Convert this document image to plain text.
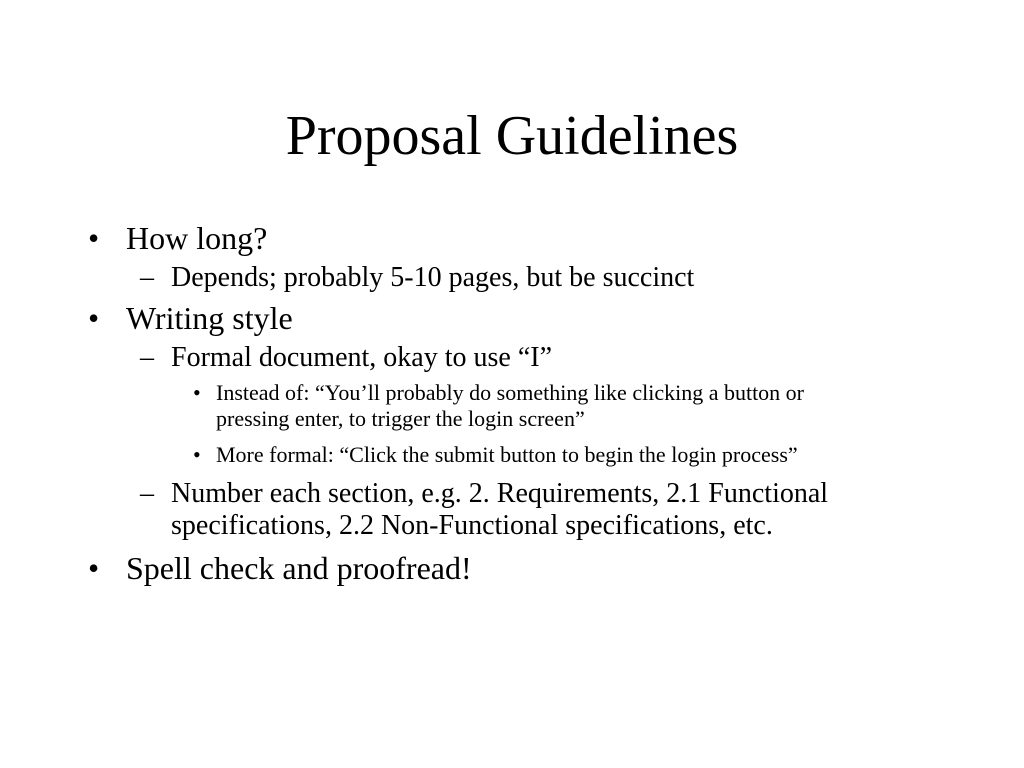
Proposal Guidelines
• How long?
– Depends; probably 5-10 pages, but be succinct
• Writing style
– Formal document, okay to use “I”
• Instead of: “You’ll probably do something like clicking a button or pressing enter, to trigger the login screen”
• More formal: “Click the submit button to begin the login process”
– Number each section, e.g. 2. Requirements, 2.1 Functional specifications, 2.2 Non-Functional specifications, etc.
• Spell check and proofread!
